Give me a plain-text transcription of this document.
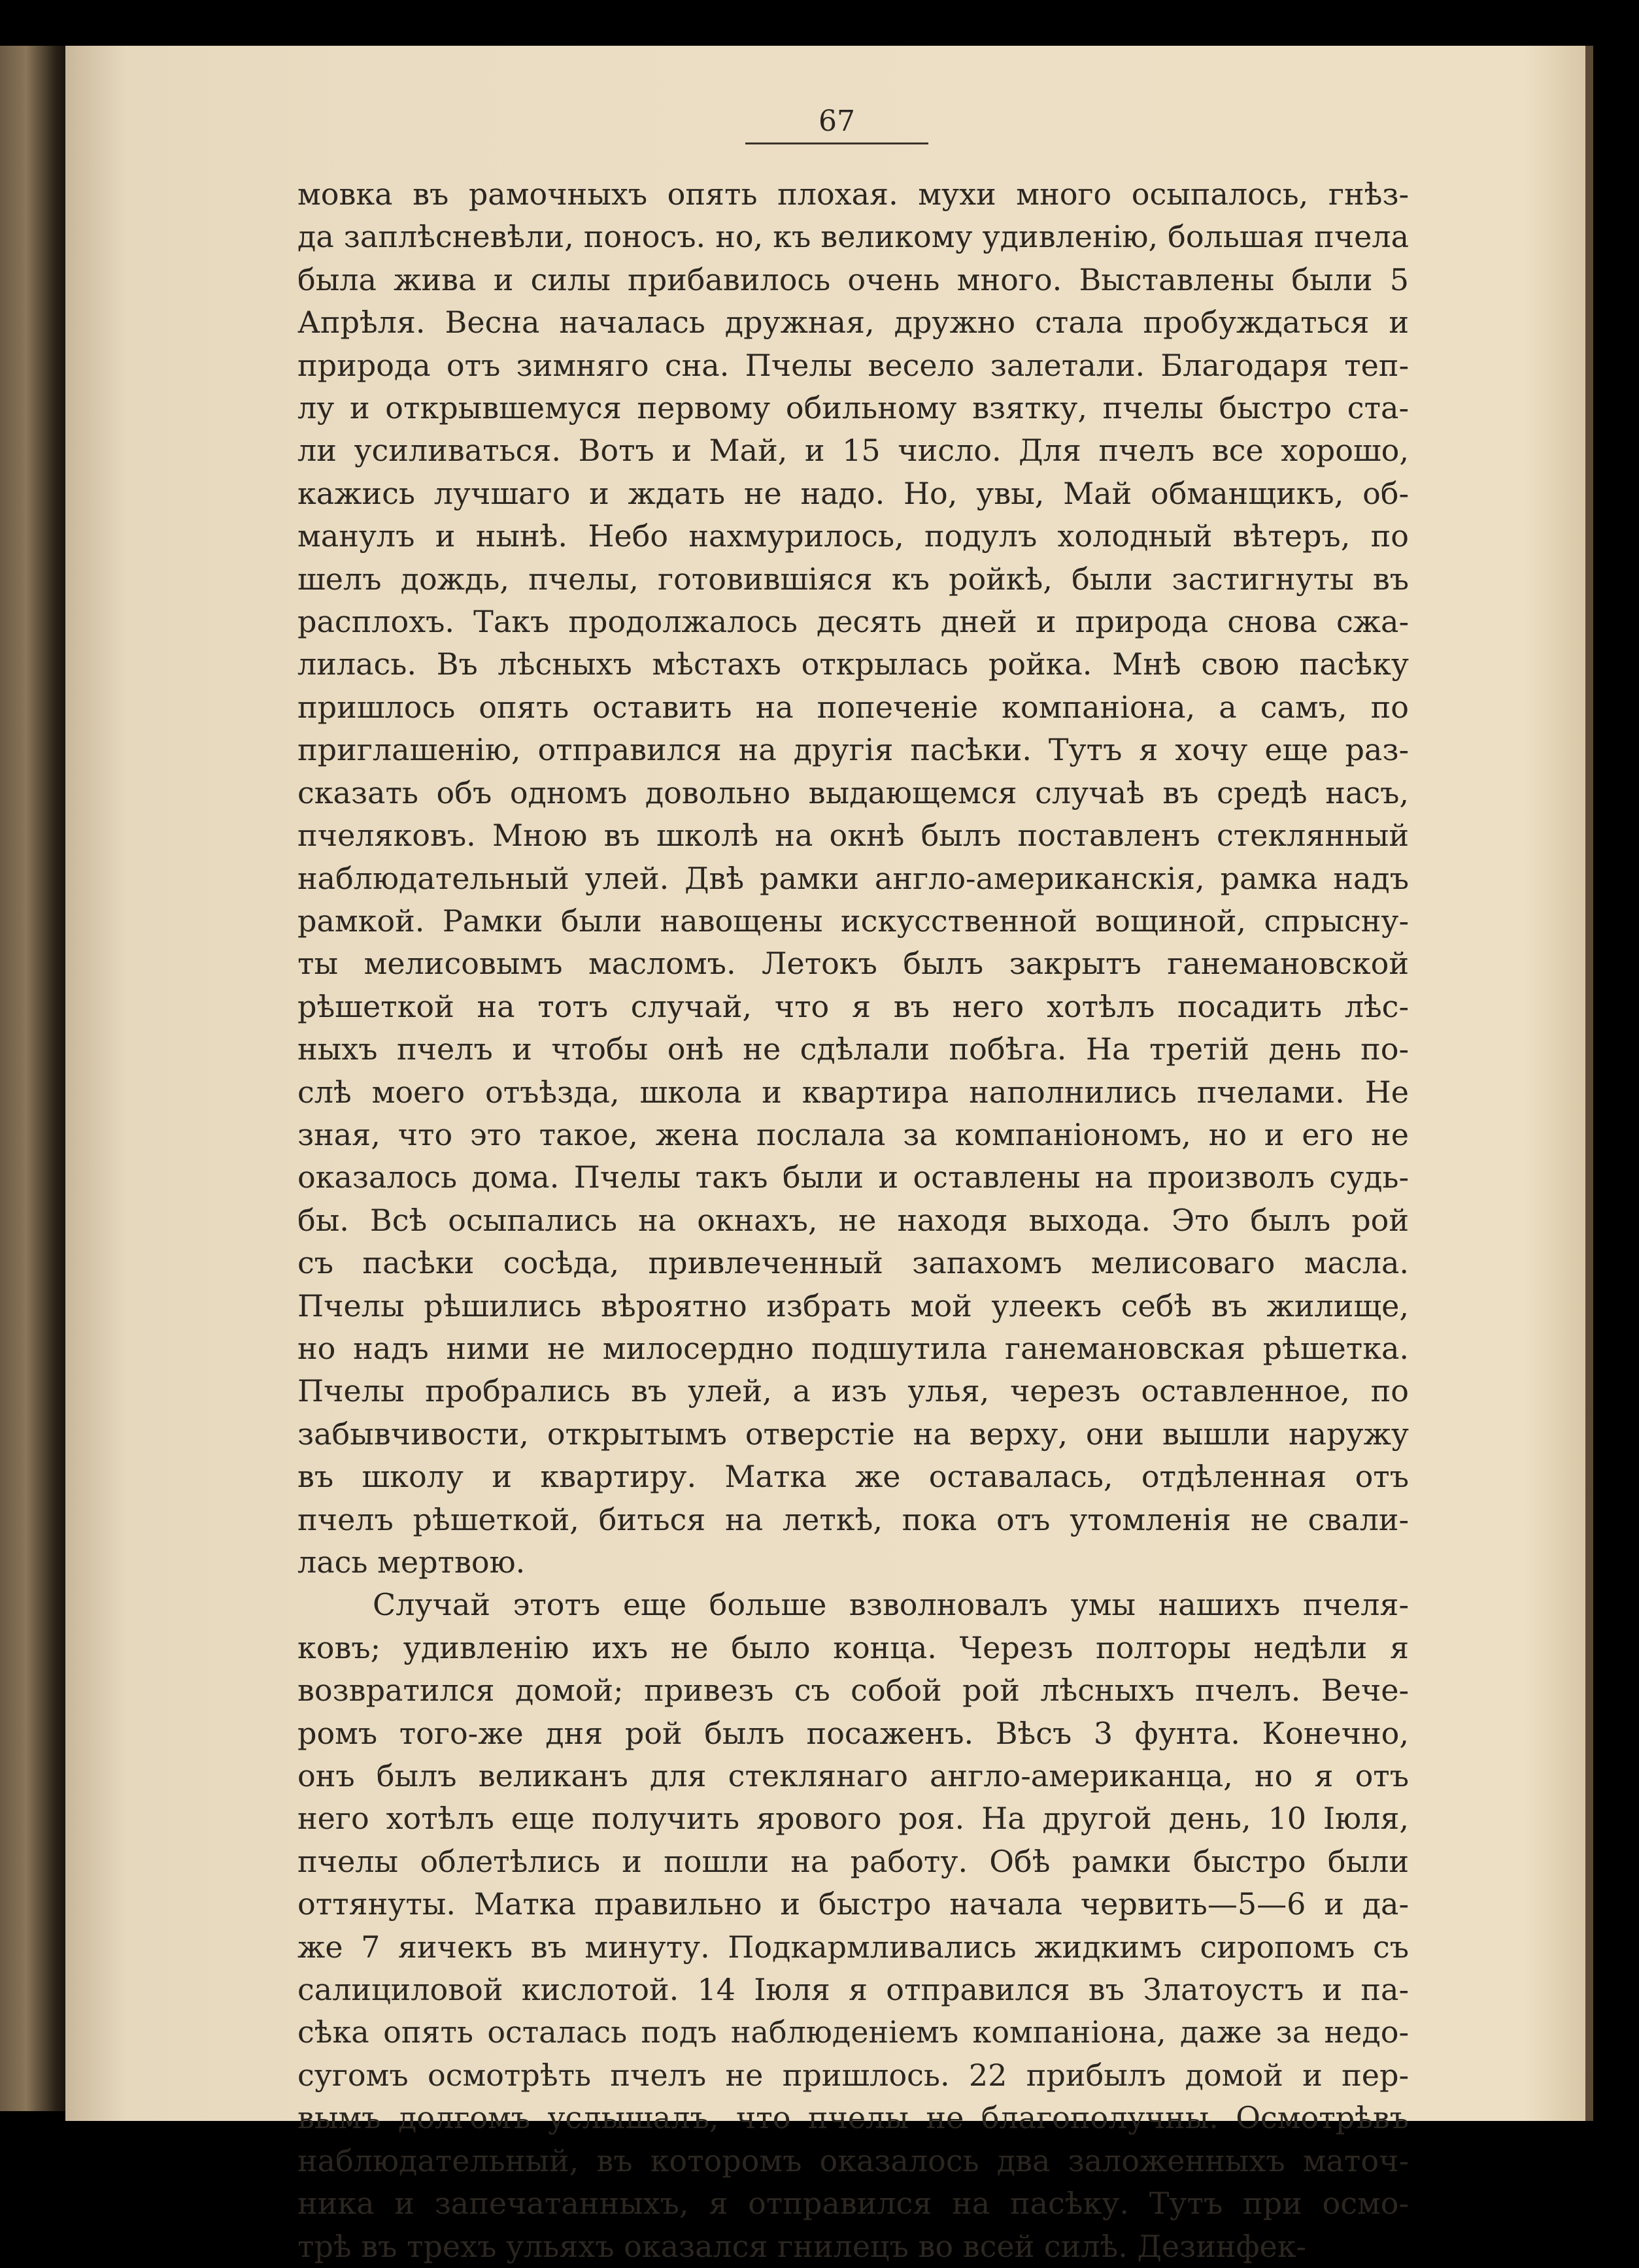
67
мовка въ рамочныхъ опять плохая. мухи много осыпалось, гнѣз-
да заплѣсневѣли, поносъ. но, къ великому удивленію, большая пчела
была жива и силы прибавилось очень много. Выставлены были 5
Апрѣля. Весна началась дружная, дружно стала пробуждаться и
природа отъ зимняго сна. Пчелы весело залетали. Благодаря теп-
лу и открывшемуся первому обильному взятку, пчелы быстро ста-
ли усиливаться. Вотъ и Май, и 15 число. Для пчелъ все хорошо,
кажись лучшаго и ждать не надо. Но, увы, Май обманщикъ, об-
манулъ и нынѣ. Небо нахмурилось, подулъ холодный вѣтеръ, по
шелъ дождь, пчелы, готовившіяся къ ройкѣ, были застигнуты въ
расплохъ. Такъ продолжалось десять дней и природа снова сжа-
лилась. Въ лѣсныхъ мѣстахъ открылась ройка. Мнѣ свою пасѣку
пришлось опять оставить на попеченіе компаніона, а самъ, по
приглашенію, отправился на другія пасѣки. Тутъ я хочу еще раз-
сказать объ одномъ довольно выдающемся случаѣ въ средѣ насъ,
пчеляковъ. Мною въ школѣ на окнѣ былъ поставленъ стеклянный
наблюдательный улей. Двѣ рамки англо-американскія, рамка надъ
рамкой. Рамки были навощены искусственной вощиной, спрысну-
ты мелисовымъ масломъ. Летокъ былъ закрытъ ганемановской
рѣшеткой на тотъ случай, что я въ него хотѣлъ посадить лѣс-
ныхъ пчелъ и чтобы онѣ не сдѣлали побѣга. На третій день по-
слѣ моего отъѣзда, школа и квартира наполнились пчелами. Не
зная, что это такое, жена послала за компаніономъ, но и его не
оказалось дома. Пчелы такъ были и оставлены на произволъ судь-
бы. Всѣ осыпались на окнахъ, не находя выхода. Это былъ рой
съ пасѣки сосѣда, привлеченный запахомъ мелисоваго масла.
Пчелы рѣшились вѣроятно избрать мой улеекъ себѣ въ жилище,
но надъ ними не милосердно подшутила ганемановская рѣшетка.
Пчелы пробрались въ улей, а изъ улья, черезъ оставленное, по
забывчивости, открытымъ отверстіе на верху, они вышли наружу
въ школу и квартиру. Матка же оставалась, отдѣленная отъ
пчелъ рѣшеткой, биться на леткѣ, пока отъ утомленія не свали-
лась мертвою.
Случай этотъ еще больше взволновалъ умы нашихъ пчеля-
ковъ; удивленію ихъ не было конца. Черезъ полторы недѣли я
возвратился домой; привезъ съ собой рой лѣсныхъ пчелъ. Вече-
ромъ того-же дня рой былъ посаженъ. Вѣсъ 3 фунта. Конечно,
онъ былъ великанъ для стеклянаго англо-американца, но я отъ
него хотѣлъ еще получить ярового роя. На другой день, 10 Іюля,
пчелы облетѣлись и пошли на работу. Обѣ рамки быстро были
оттянуты. Матка правильно и быстро начала червить—5—6 и да-
же 7 яичекъ въ минуту. Подкармливались жидкимъ сиропомъ съ
салициловой кислотой. 14 Іюля я отправился въ Златоустъ и па-
сѣка опять осталась подъ наблюденіемъ компаніона, даже за недо-
сугомъ осмотрѣть пчелъ не пришлось. 22 прибылъ домой и пер-
вымъ долгомъ услышалъ, что пчелы не благополучны. Осмотрѣвъ
наблюдательный, въ которомъ оказалось два заложенныхъ маточ-
ника и запечатанныхъ, я отправился на пасѣку. Тутъ при осмо-
трѣ въ трехъ ульяхъ оказался гнилецъ во всей силѣ. Дезинфек-
